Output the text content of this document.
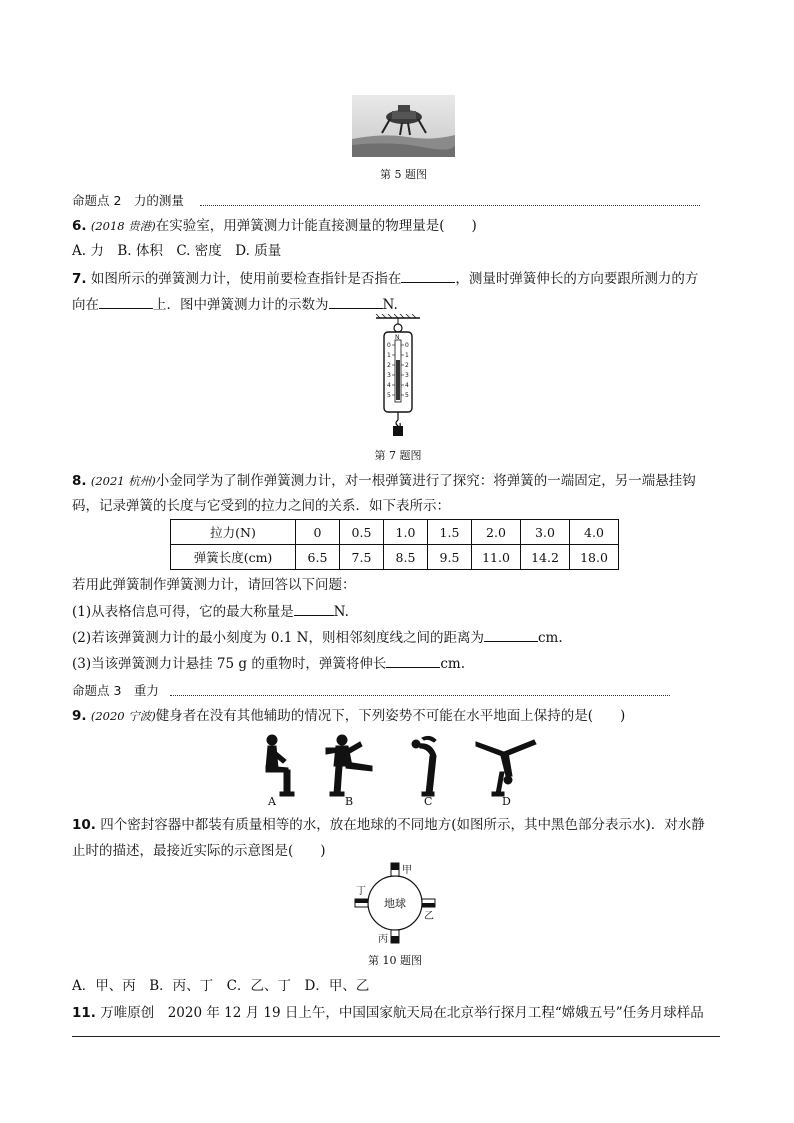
第 5 题图
命题点 2　力的测量
6. (2018 贵港)在实验室，用弹簧测力计能直接测量的物理量是(　　)
A. 力　B. 体积　C. 密度　D. 质量
7. 如图所示的弹簧测力计，使用前要检查指针是否指在	，测量时弹簧伸长的方向要跟所测力的方
向在	上．图中弹簧测力计的示数为	N.
0
1
2
3
4
5
0
1
2
3
4
5
N
第 7 题图
8. (2021 杭州)小金同学为了制作弹簧测力计，对一根弹簧进行了探究：将弹簧的一端固定，另一端悬挂钩
码，记录弹簧的长度与它受到的拉力之间的关系．如下表所示：
拉力(N)	0	0.5	1.0	1.5	2.0	3.0	4.0
弹簧长度(cm)	6.5	7.5	8.5	9.5	11.0	14.2	18.0
若用此弹簧制作弹簧测力计，请回答以下问题：
(1)从表格信息可得，它的最大称量是	N.
(2)若该弹簧测力计的最小刻度为 0.1 N，则相邻刻度线之间的距离为	cm.
(3)当该弹簧测力计悬挂 75 g 的重物时，弹簧将伸长	cm.
命题点 3　重力
9. (2020 宁波)健身者在没有其他辅助的情况下，下列姿势不可能在水平地面上保持的是(　　)
A	B	C	D
10. 四个密封容器中都装有质量相等的水，放在地球的不同地方(如图所示，其中黑色部分表示水)．对水静
止时的描述，最接近实际的示意图是(　　)
地球
甲
乙
丙
丁
第 10 题图
A．甲、丙　B．丙、丁　C．乙、丁　D．甲、乙
11. 万唯原创　2020 年 12 月 19 日上午，中国国家航天局在北京举行探月工程“嫦娥五号”任务月球样品
